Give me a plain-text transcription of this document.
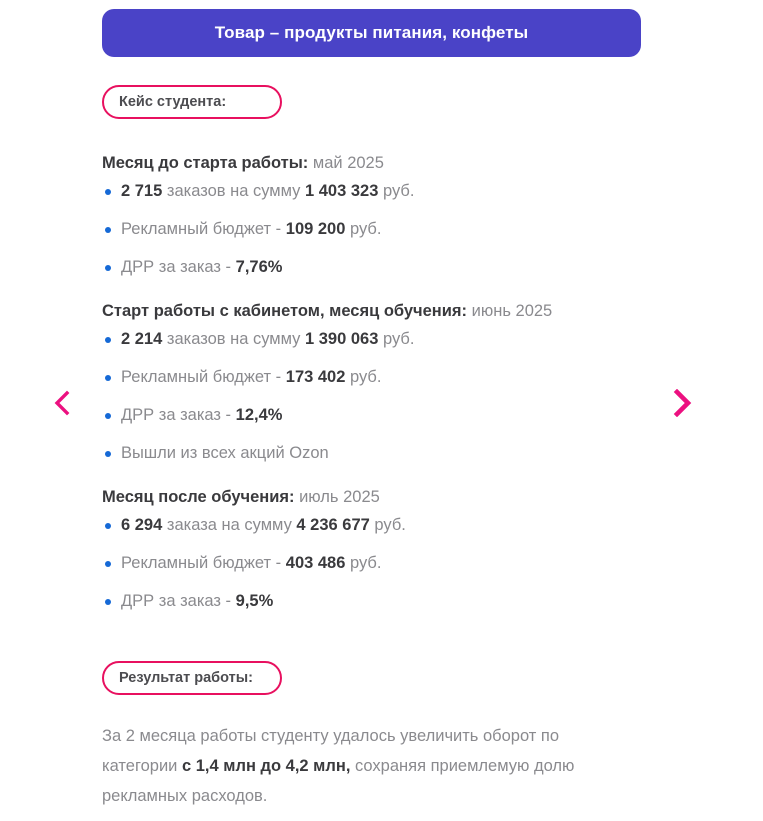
Товар – продукты питания, конфеты
Кейс студента:
Месяц до старта работы: май 2025
2 715 заказов на сумму 1 403 323 руб.
Рекламный бюджет - 109 200 руб.
ДРР за заказ - 7,76%
Старт работы с кабинетом, месяц обучения: июнь 2025
2 214 заказов на сумму 1 390 063 руб.
Рекламный бюджет - 173 402 руб.
ДРР за заказ - 12,4%
Вышли из всех акций Ozon
Месяц после обучения: июль 2025
6 294 заказа на сумму 4 236 677 руб.
Рекламный бюджет - 403 486 руб.
ДРР за заказ - 9,5%
Результат работы:
За 2 месяца работы студенту удалось увеличить оборот по категории с 1,4 млн до 4,2 млн, сохраняя приемлемую долю рекламных расходов.
